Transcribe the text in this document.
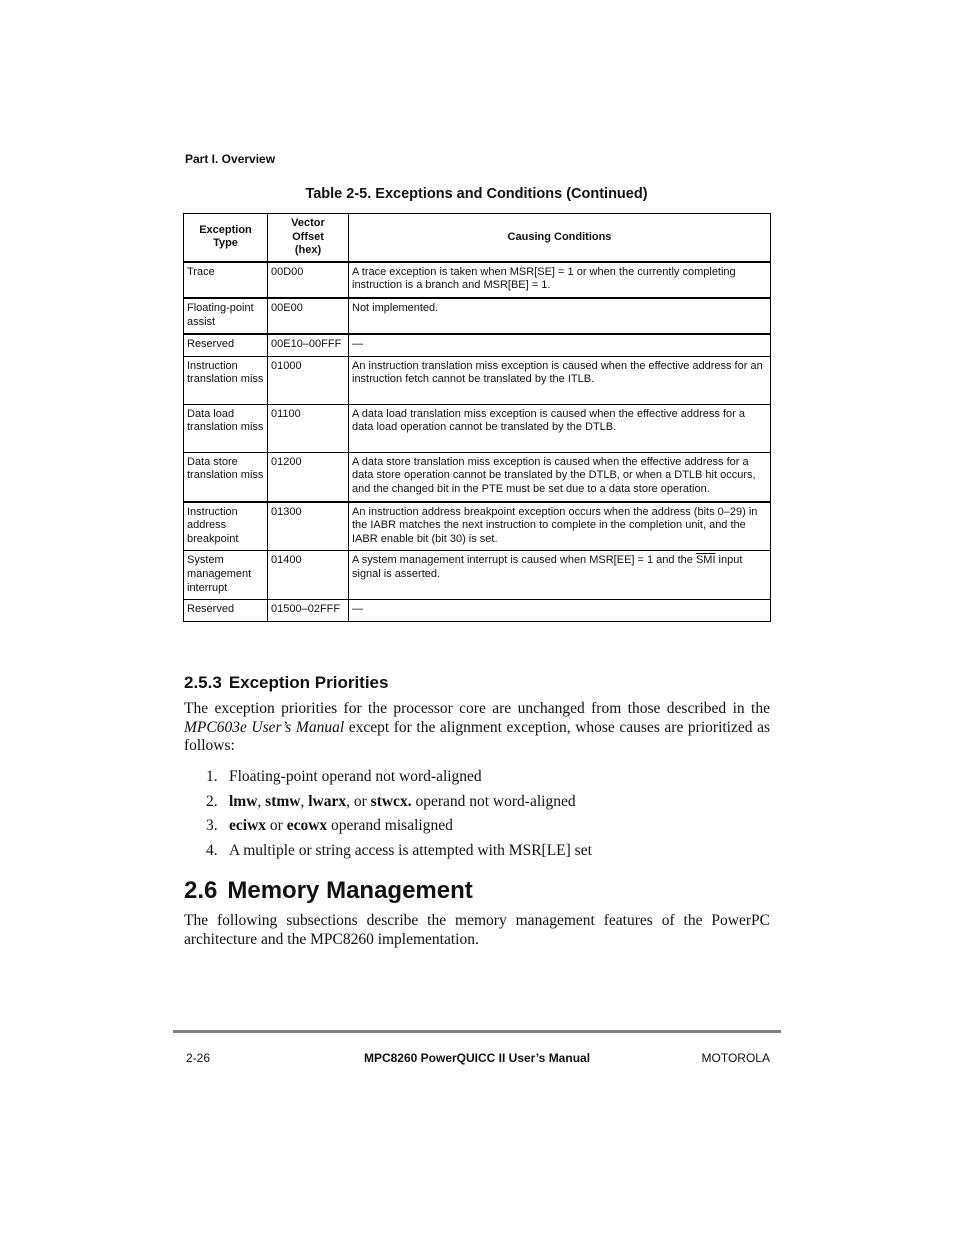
Part I. Overview
Table 2-5. Exceptions and Conditions (Continued)
Exception Type	Vector Offset (hex)	Causing Conditions
Trace	00D00	A trace exception is taken when MSR[SE] = 1 or when the currently completing instruction is a branch and MSR[BE] = 1.
Floating-point assist	00E00	Not implemented.
Reserved	00E10–00FFF	—
Instruction translation miss	01000	An instruction translation miss exception is caused when the effective address for an instruction fetch cannot be translated by the ITLB.
Data load translation miss	01100	A data load translation miss exception is caused when the effective address for a data load operation cannot be translated by the DTLB.
Data store translation miss	01200	A data store translation miss exception is caused when the effective address for a data store operation cannot be translated by the DTLB, or when a DTLB hit occurs, and the changed bit in the PTE must be set due to a data store operation.
Instruction address breakpoint	01300	An instruction address breakpoint exception occurs when the address (bits 0–29) in the IABR matches the next instruction to complete in the completion unit, and the IABR enable bit (bit 30) is set.
System management interrupt	01400	A system management interrupt is caused when MSR[EE] = 1 and the $\overline{SMI}$ input signal is asserted.
Reserved	01500–02FFF	—
2.5.3 Exception Priorities
The exception priorities for the processor core are unchanged from those described in the MPC603e User’s Manual except for the alignment exception, whose causes are prioritized as follows:
1. Floating-point operand not word-aligned
2. lmw, stmw, lwarx, or stwcx. operand not word-aligned
3. eciwx or ecowx operand misaligned
4. A multiple or string access is attempted with MSR[LE] set
2.6 Memory Management
The following subsections describe the memory management features of the PowerPC architecture and the MPC8260 implementation.
2-26	MPC8260 PowerQUICC II User’s Manual	MOTOROLA
